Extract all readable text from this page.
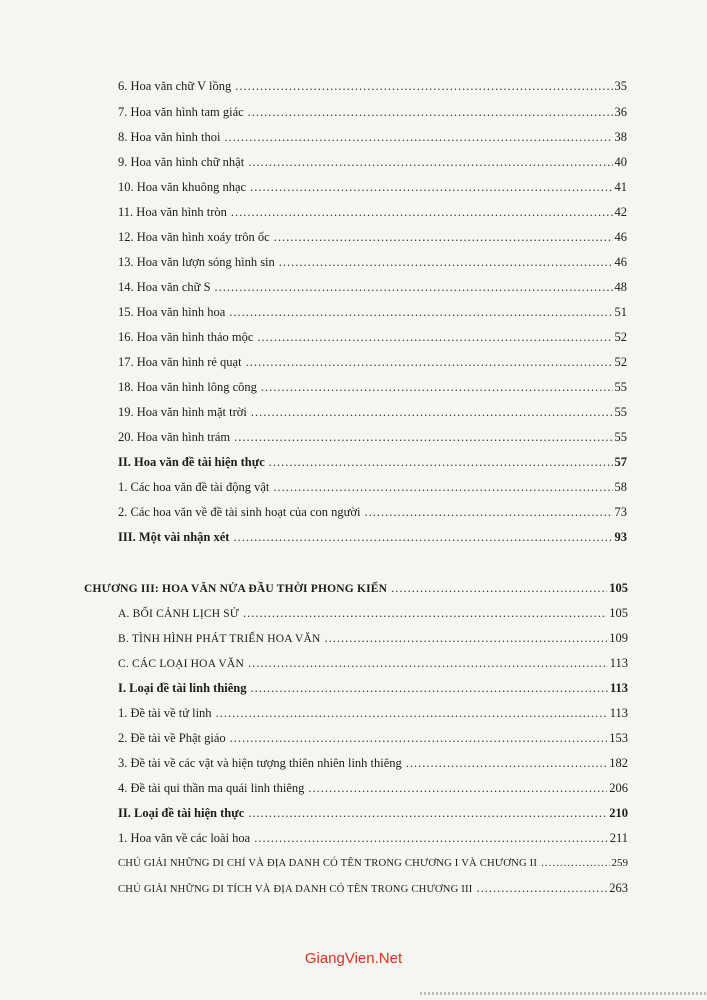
6. Hoa văn chữ V lồng .....	35
7. Hoa văn hình tam giác .....	36
8. Hoa văn hình thoi .....	38
9. Hoa văn hình chữ nhật .....	40
10. Hoa văn khuông nhạc .....	41
11. Hoa văn hình tròn .....	42
12. Hoa văn hình xoáy trôn ốc .....	46
13. Hoa văn lượn sóng hình sin .....	46
14. Hoa văn chữ S .....	48
15. Hoa văn hình hoa .....	51
16. Hoa văn hình thảo mộc .....	52
17. Hoa văn hình rẻ quạt .....	52
18. Hoa văn hình lông công .....	55
19. Hoa văn hình mặt trời .....	55
20. Hoa văn hình trám .....	55
II. Hoa văn đề tài hiện thực .....	57
1. Các hoa văn đề tài động vật .....	58
2. Các hoa văn về đề tài sinh hoạt của con người .....	73
III. Một vài nhận xét .....	93
CHƯƠNG III: HOA VĂN NỬA ĐẦU THỜI PHONG KIẾN .....	105
A. BỐI CẢNH LỊCH SỬ .....	105
B. TÌNH HÌNH PHÁT TRIỂN HOA VĂN .....	109
C. CÁC LOẠI HOA VĂN .....	113
I. Loại đề tài linh thiêng .....	113
1. Đề tài về tứ linh .....	113
2. Đề tài về Phật giáo .....	153
3. Đề tài về các vật và hiện tượng thiên nhiên linh thiêng .....	182
4. Đề tài qui thần ma quái linh thiêng .....	206
II. Loại đề tài hiện thực .....	210
1. Hoa văn về các loài hoa .....	211
CHÚ GIẢI NHỮNG DI CHỈ VÀ ĐỊA DANH CÓ TÊN TRONG CHƯƠNG I VÀ CHƯƠNG II .....	259
CHÚ GIẢI NHỮNG DI TÍCH VÀ ĐỊA DANH CÓ TÊN TRONG CHƯƠNG III .....	263
GiangVien.Net
